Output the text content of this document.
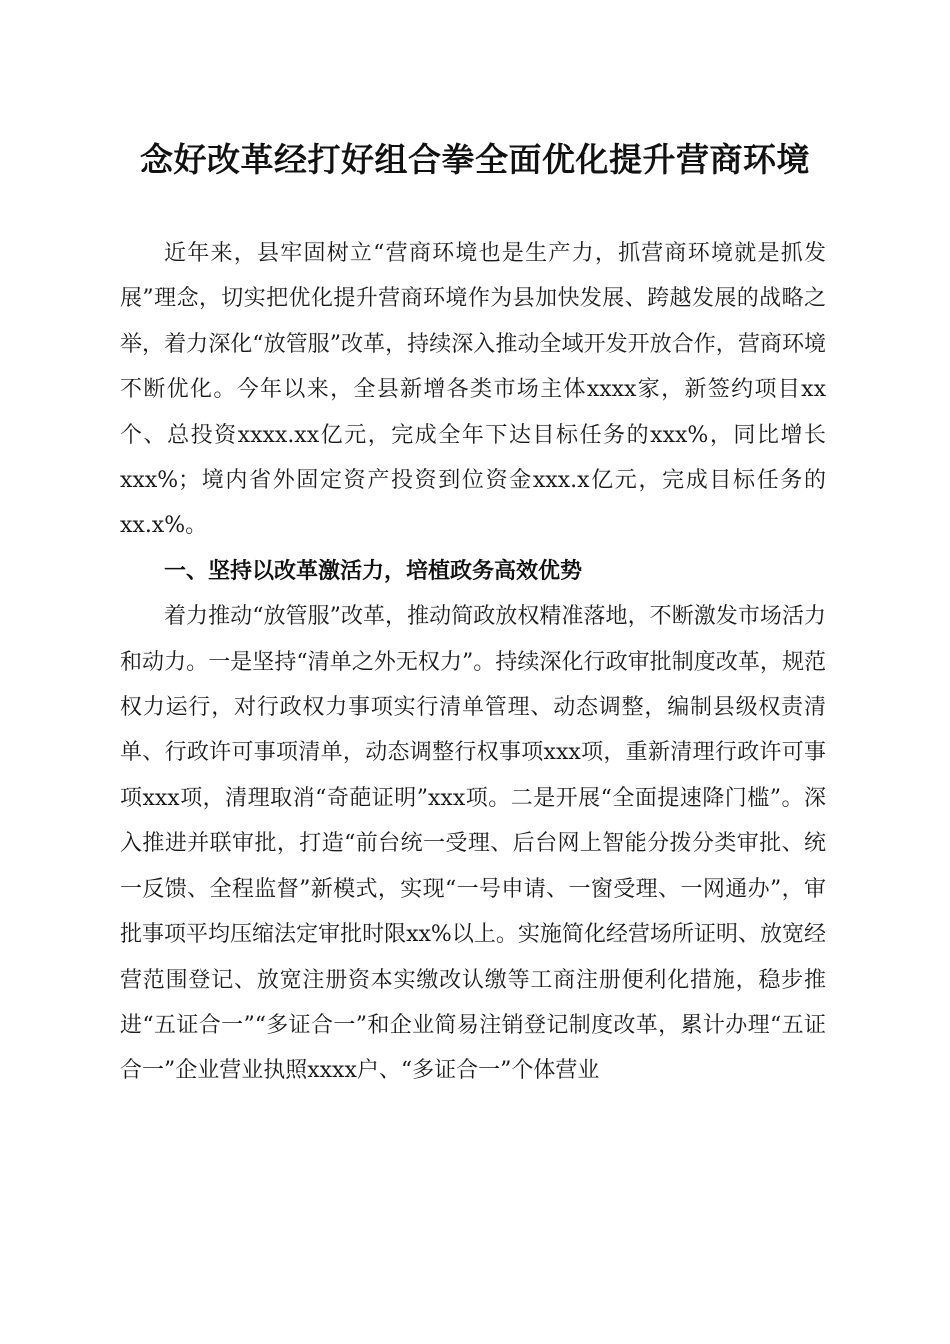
念好改革经打好组合拳全面优化提升营商环境

近年来，县牢固树立“营商环境也是生产力，抓营商环境就是抓发展”理念，切实把优化提升营商环境作为县加快发展、跨越发展的战略之举，着力深化“放管服”改革，持续深入推动全域开发开放合作，营商环境不断优化。今年以来，全县新增各类市场主体xxxx家，新签约项目xx个、总投资xxxx.xx亿元，完成全年下达目标任务的xxx%，同比增长xxx%；境内省外固定资产投资到位资金xxx.x亿元，完成目标任务的xx.x%。

一、坚持以改革激活力，培植政务高效优势

着力推动“放管服”改革，推动简政放权精准落地，不断激发市场活力和动力。一是坚持“清单之外无权力”。持续深化行政审批制度改革，规范权力运行，对行政权力事项实行清单管理、动态调整，编制县级权责清单、行政许可事项清单，动态调整行权事项xxx项，重新清理行政许可事项xxx项，清理取消“奇葩证明”xxx项。二是开展“全面提速降门槛”。深入推进并联审批，打造“前台统一受理、后台网上智能分拨分类审批、统一反馈、全程监督”新模式，实现“一号申请、一窗受理、一网通办”，审批事项平均压缩法定审批时限xx%以上。实施简化经营场所证明、放宽经营范围登记、放宽注册资本实缴改认缴等工商注册便利化措施，稳步推进“五证合一”“多证合一”和企业简易注销登记制度改革，累计办理“五证合一”企业营业执照xxxx户、“多证合一”个体营业
